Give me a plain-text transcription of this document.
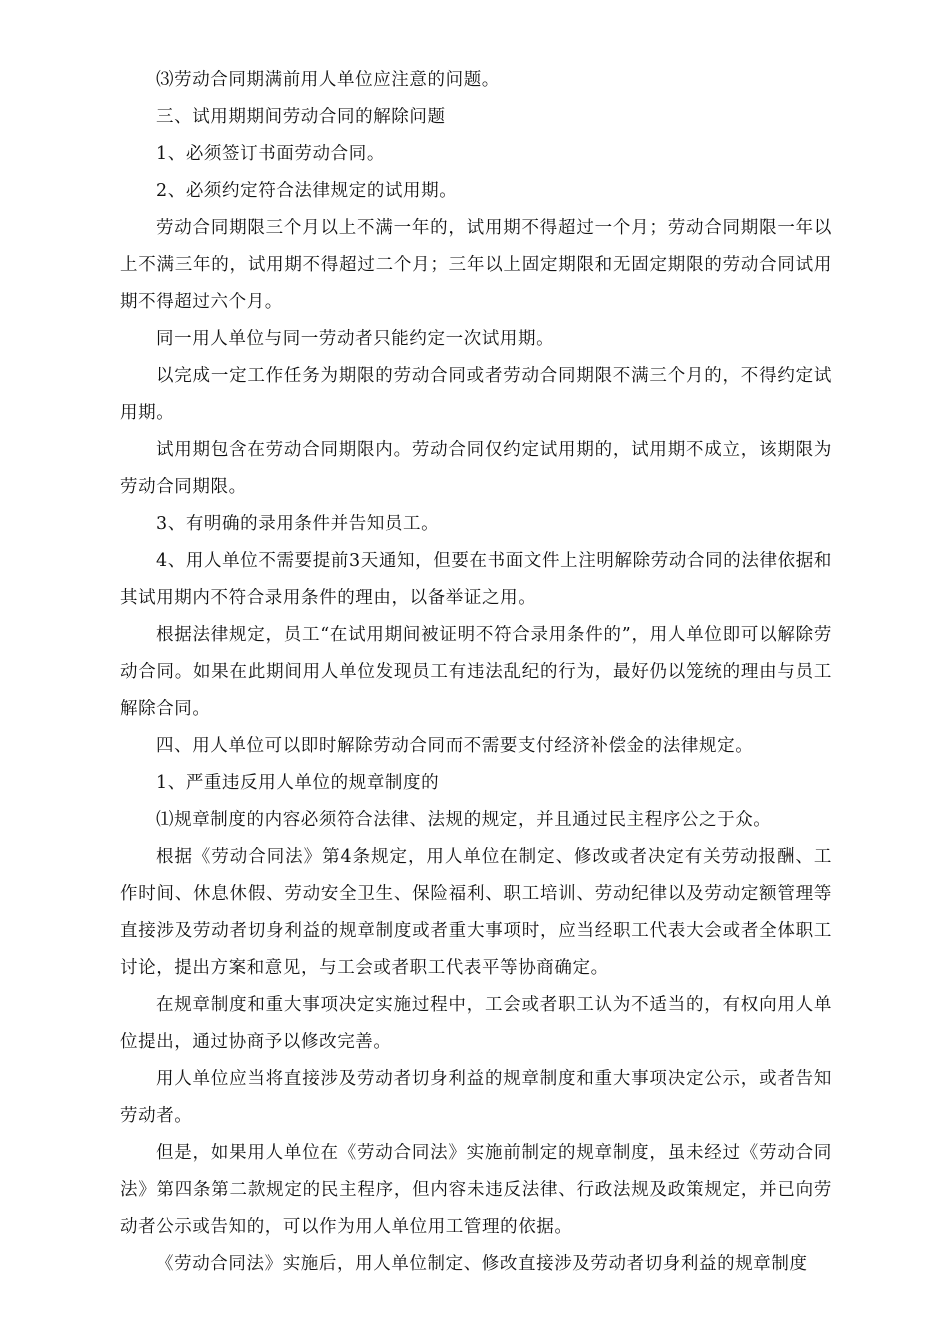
⑶劳动合同期满前用人单位应注意的问题。

三、试用期期间劳动合同的解除问题

1、必须签订书面劳动合同。

2、必须约定符合法律规定的试用期。

劳动合同期限三个月以上不满一年的，试用期不得超过一个月；劳动合同期限一年以上不满三年的，试用期不得超过二个月；三年以上固定期限和无固定期限的劳动合同试用期不得超过六个月。

同一用人单位与同一劳动者只能约定一次试用期。

以完成一定工作任务为期限的劳动合同或者劳动合同期限不满三个月的，不得约定试用期。

试用期包含在劳动合同期限内。劳动合同仅约定试用期的，试用期不成立，该期限为劳动合同期限。

3、有明确的录用条件并告知员工。

4、用人单位不需要提前3天通知，但要在书面文件上注明解除劳动合同的法律依据和其试用期内不符合录用条件的理由，以备举证之用。

根据法律规定，员工“在试用期间被证明不符合录用条件的”，用人单位即可以解除劳动合同。如果在此期间用人单位发现员工有违法乱纪的行为，最好仍以笼统的理由与员工解除合同。

四、用人单位可以即时解除劳动合同而不需要支付经济补偿金的法律规定。

1、严重违反用人单位的规章制度的

⑴规章制度的内容必须符合法律、法规的规定，并且通过民主程序公之于众。

根据《劳动合同法》第4条规定，用人单位在制定、修改或者决定有关劳动报酬、工作时间、休息休假、劳动安全卫生、保险福利、职工培训、劳动纪律以及劳动定额管理等直接涉及劳动者切身利益的规章制度或者重大事项时，应当经职工代表大会或者全体职工讨论，提出方案和意见，与工会或者职工代表平等协商确定。

在规章制度和重大事项决定实施过程中，工会或者职工认为不适当的，有权向用人单位提出，通过协商予以修改完善。

用人单位应当将直接涉及劳动者切身利益的规章制度和重大事项决定公示，或者告知劳动者。

但是，如果用人单位在《劳动合同法》实施前制定的规章制度，虽未经过《劳动合同法》第四条第二款规定的民主程序，但内容未违反法律、行政法规及政策规定，并已向劳动者公示或告知的，可以作为用人单位用工管理的依据。

《劳动合同法》实施后，用人单位制定、修改直接涉及劳动者切身利益的规章制度
